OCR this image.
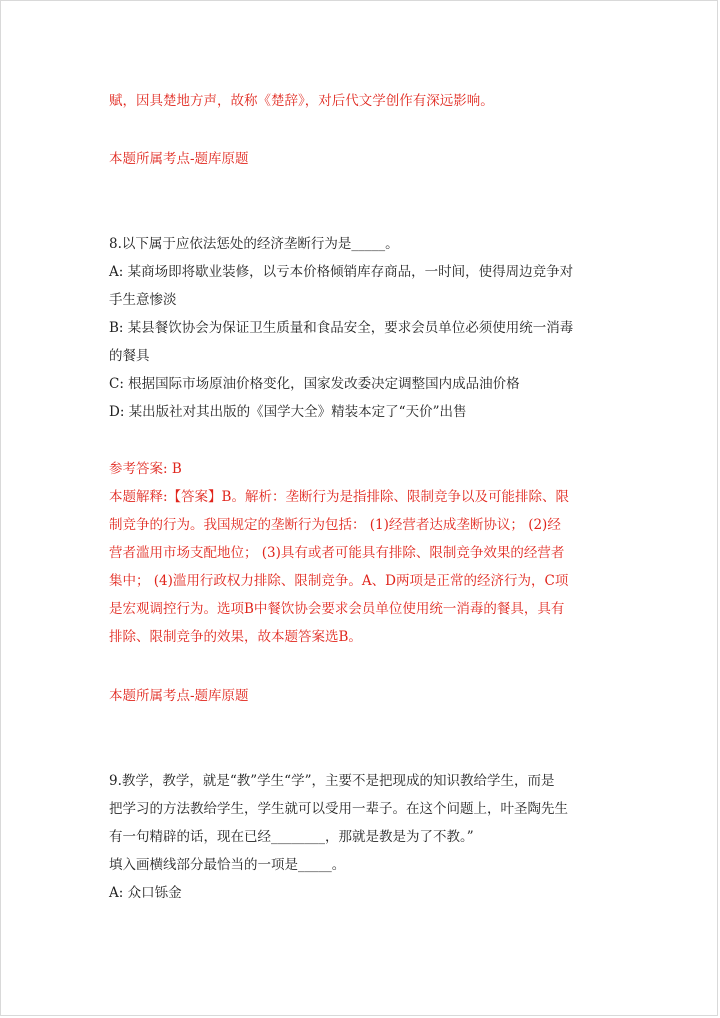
赋，因具楚地方声，故称《楚辞》，对后代文学创作有深远影响。

本题所属考点-题库原题

8.以下属于应依法惩处的经济垄断行为是_____。
A: 某商场即将歇业装修，以亏本价格倾销库存商品，一时间，使得周边竞争对
手生意惨淡
B: 某县餐饮协会为保证卫生质量和食品安全，要求会员单位必须使用统一消毒
的餐具
C: 根据国际市场原油价格变化，国家发改委决定调整国内成品油价格
D: 某出版社对其出版的《国学大全》精装本定了“天价”出售
参考答案: B
本题解释:【答案】B。解析：垄断行为是指排除、限制竞争以及可能排除、限
制竞争的行为。我国规定的垄断行为包括： (1)经营者达成垄断协议； (2)经
营者滥用市场支配地位； (3)具有或者可能具有排除、限制竞争效果的经营者
集中； (4)滥用行政权力排除、限制竞争。A、D两项是正常的经济行为，C项
是宏观调控行为。选项B中餐饮协会要求会员单位使用统一消毒的餐具，具有
排除、限制竞争的效果，故本题答案选B。

本题所属考点-题库原题

9.教学，教学，就是“教”学生“学”，主要不是把现成的知识教给学生，而是
把学习的方法教给学生，学生就可以受用一辈子。在这个问题上，叶圣陶先生
有一句精辟的话，现在已经________，那就是教是为了不教。”
填入画横线部分最恰当的一项是_____。
A: 众口铄金
